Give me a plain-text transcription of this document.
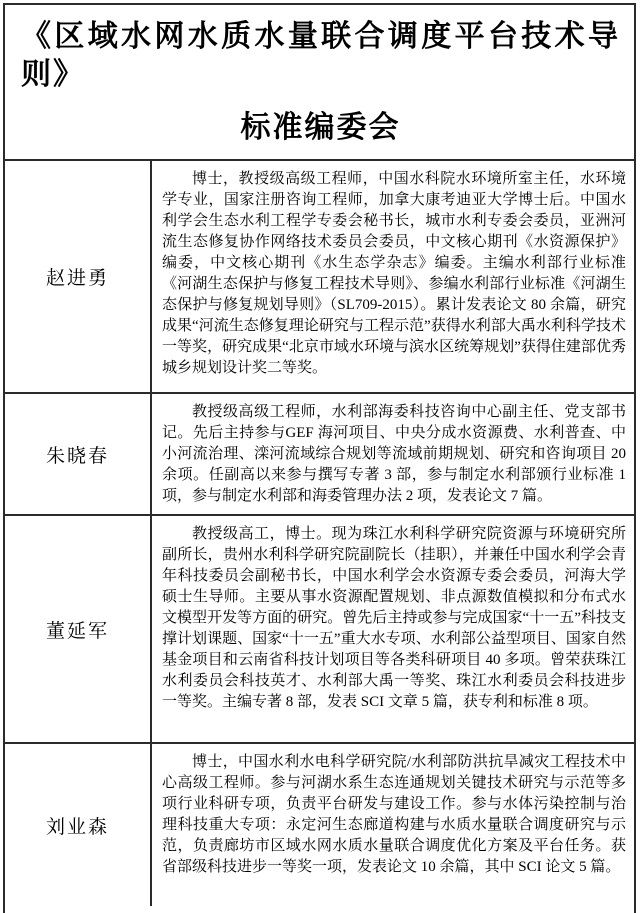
《区域水网水质水量联合调度平台技术导则》
标准编委会
赵进勇

博士，教授级高级工程师，中国水科院水环境所室主任，水环境学专业，国家注册咨询工程师，加拿大康考迪亚大学博士后。中国水利学会生态水利工程学专委会秘书长，城市水利专委会委员，亚洲河流生态修复协作网络技术委员会委员，中文核心期刊《水资源保护》编委，中文核心期刊《水生态学杂志》编委。主编水利部行业标准《河湖生态保护与修复工程技术导则》、参编水利部行业标准《河湖生态保护与修复规划导则》（SL709-2015）。累计发表论文 80 余篇，研究成果“河流生态修复理论研究与工程示范”获得水利部大禹水利科学技术一等奖，研究成果“北京市域水环境与滨水区统筹规划”获得住建部优秀城乡规划设计奖二等奖。

朱晓春

教授级高级工程师，水利部海委科技咨询中心副主任、党支部书记。先后主持参与GEF 海河项目、中央分成水资源费、水利普查、中小河流治理、滦河流域综合规划等流域前期规划、研究和咨询项目 20 余项。任副高以来参与撰写专著 3 部，参与制定水利部颁行业标准 1 项，参与制定水利部和海委管理办法 2 项，发表论文 7 篇。

董延军

教授级高工，博士。现为珠江水利科学研究院资源与环境研究所副所长，贵州水利科学研究院副院长（挂职），并兼任中国水利学会青年科技委员会副秘书长，中国水利学会水资源专委会委员，河海大学硕士生导师。主要从事水资源配置规划、非点源数值模拟和分布式水文模型开发等方面的研究。曾先后主持或参与完成国家“十一五”科技支撑计划课题、国家“十一五”重大水专项、水利部公益型项目、国家自然基金项目和云南省科技计划项目等各类科研项目 40 多项。曾荣获珠江水利委员会科技英才、水利部大禹一等奖、珠江水利委员会科技进步一等奖。主编专著 8 部，发表 SCI 文章 5 篇，获专利和标准 8 项。

刘业森

博士，中国水利水电科学研究院/水利部防洪抗旱减灾工程技术中心高级工程师。参与河湖水系生态连通规划关键技术研究与示范等多项行业科研专项，负责平台研发与建设工作。参与水体污染控制与治理科技重大专项：永定河生态廊道构建与水质水量联合调度研究与示范，负责廊坊市区域水网水质水量联合调度优化方案及平台任务。获省部级科技进步一等奖一项，发表论文 10 余篇，其中 SCI 论文 5 篇。
